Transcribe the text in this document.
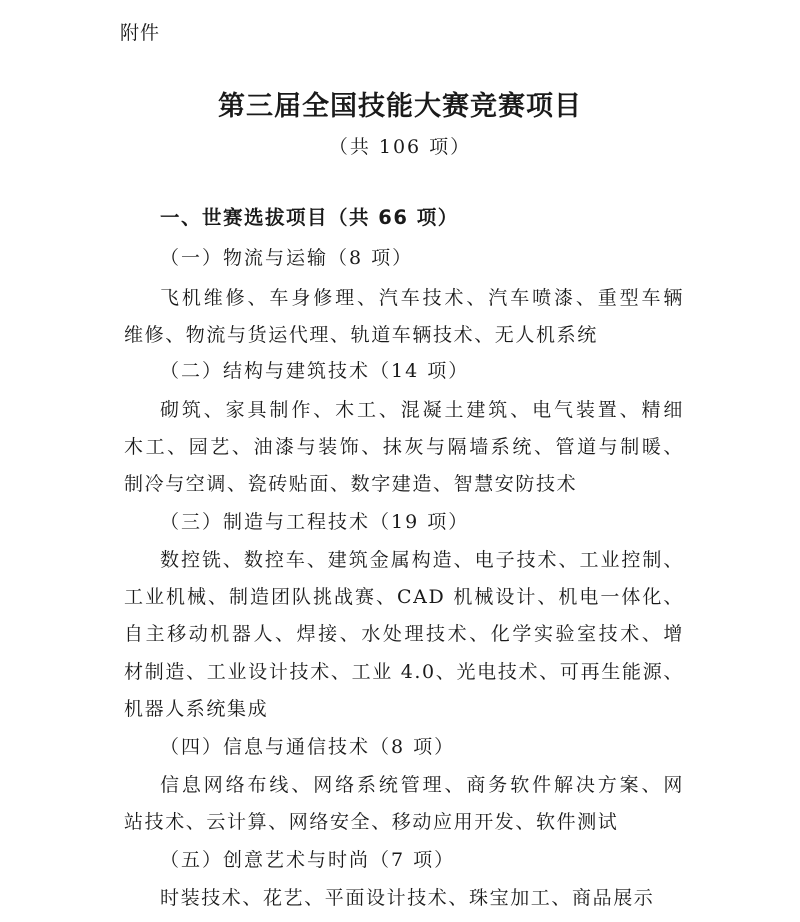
附件
第三届全国技能大赛竞赛项目
（共 106 项）
一、世赛选拔项目（共 66 项）
（一）物流与运输（8 项）
飞机维修、车身修理、汽车技术、汽车喷漆、重型车辆
维修、物流与货运代理、轨道车辆技术、无人机系统
（二）结构与建筑技术（14 项）
砌筑、家具制作、木工、混凝土建筑、电气装置、精细
木工、园艺、油漆与装饰、抹灰与隔墙系统、管道与制暖、
制冷与空调、瓷砖贴面、数字建造、智慧安防技术
（三）制造与工程技术（19 项）
数控铣、数控车、建筑金属构造、电子技术、工业控制、
工业机械、制造团队挑战赛、CAD 机械设计、机电一体化、
自主移动机器人、焊接、水处理技术、化学实验室技术、增
材制造、工业设计技术、工业 4.0、光电技术、可再生能源、
机器人系统集成
（四）信息与通信技术（8 项）
信息网络布线、网络系统管理、商务软件解决方案、网
站技术、云计算、网络安全、移动应用开发、软件测试
（五）创意艺术与时尚（7 项）
时装技术、花艺、平面设计技术、珠宝加工、商品展示
